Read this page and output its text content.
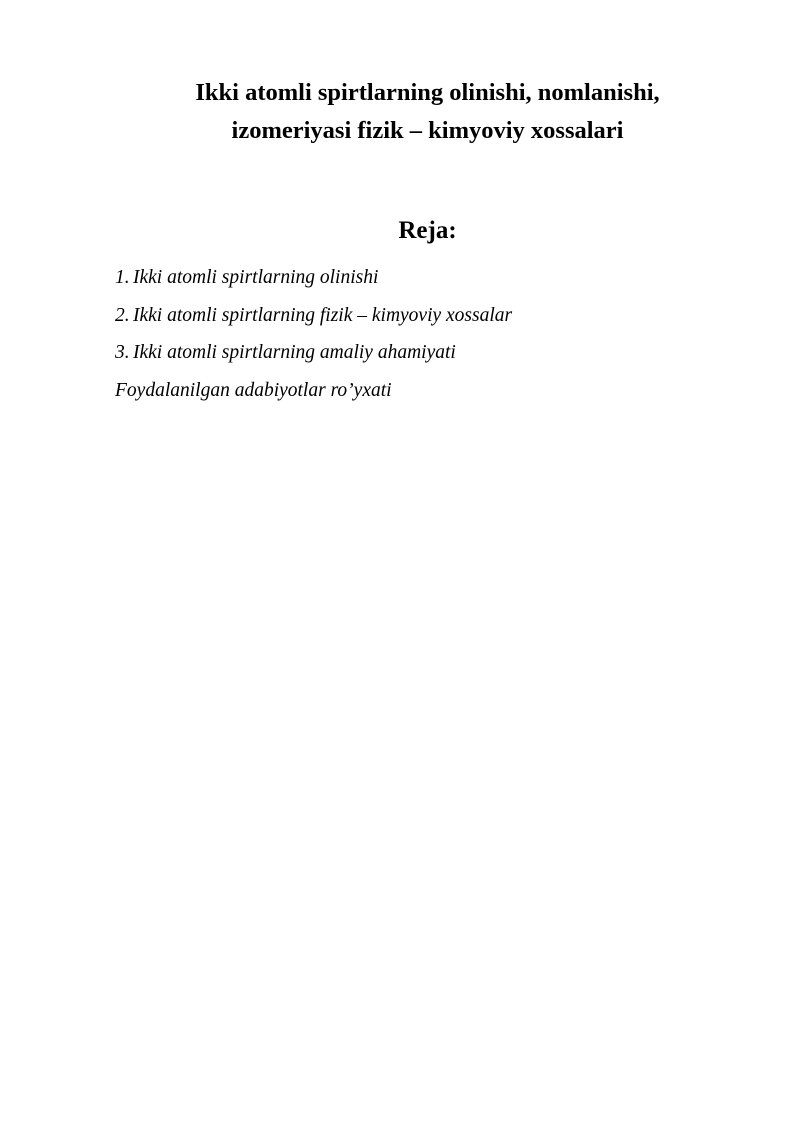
Ikki atomli spirtlarning olinishi, nomlanishi,
izomeriyasi fizik – kimyoviy xossalari
Reja:
1. Ikki atomli spirtlarning olinishi
2. Ikki atomli spirtlarning fizik – kimyoviy xossalar
3. Ikki atomli spirtlarning amaliy ahamiyati
Foydalanilgan adabiyotlar ro’yxati
